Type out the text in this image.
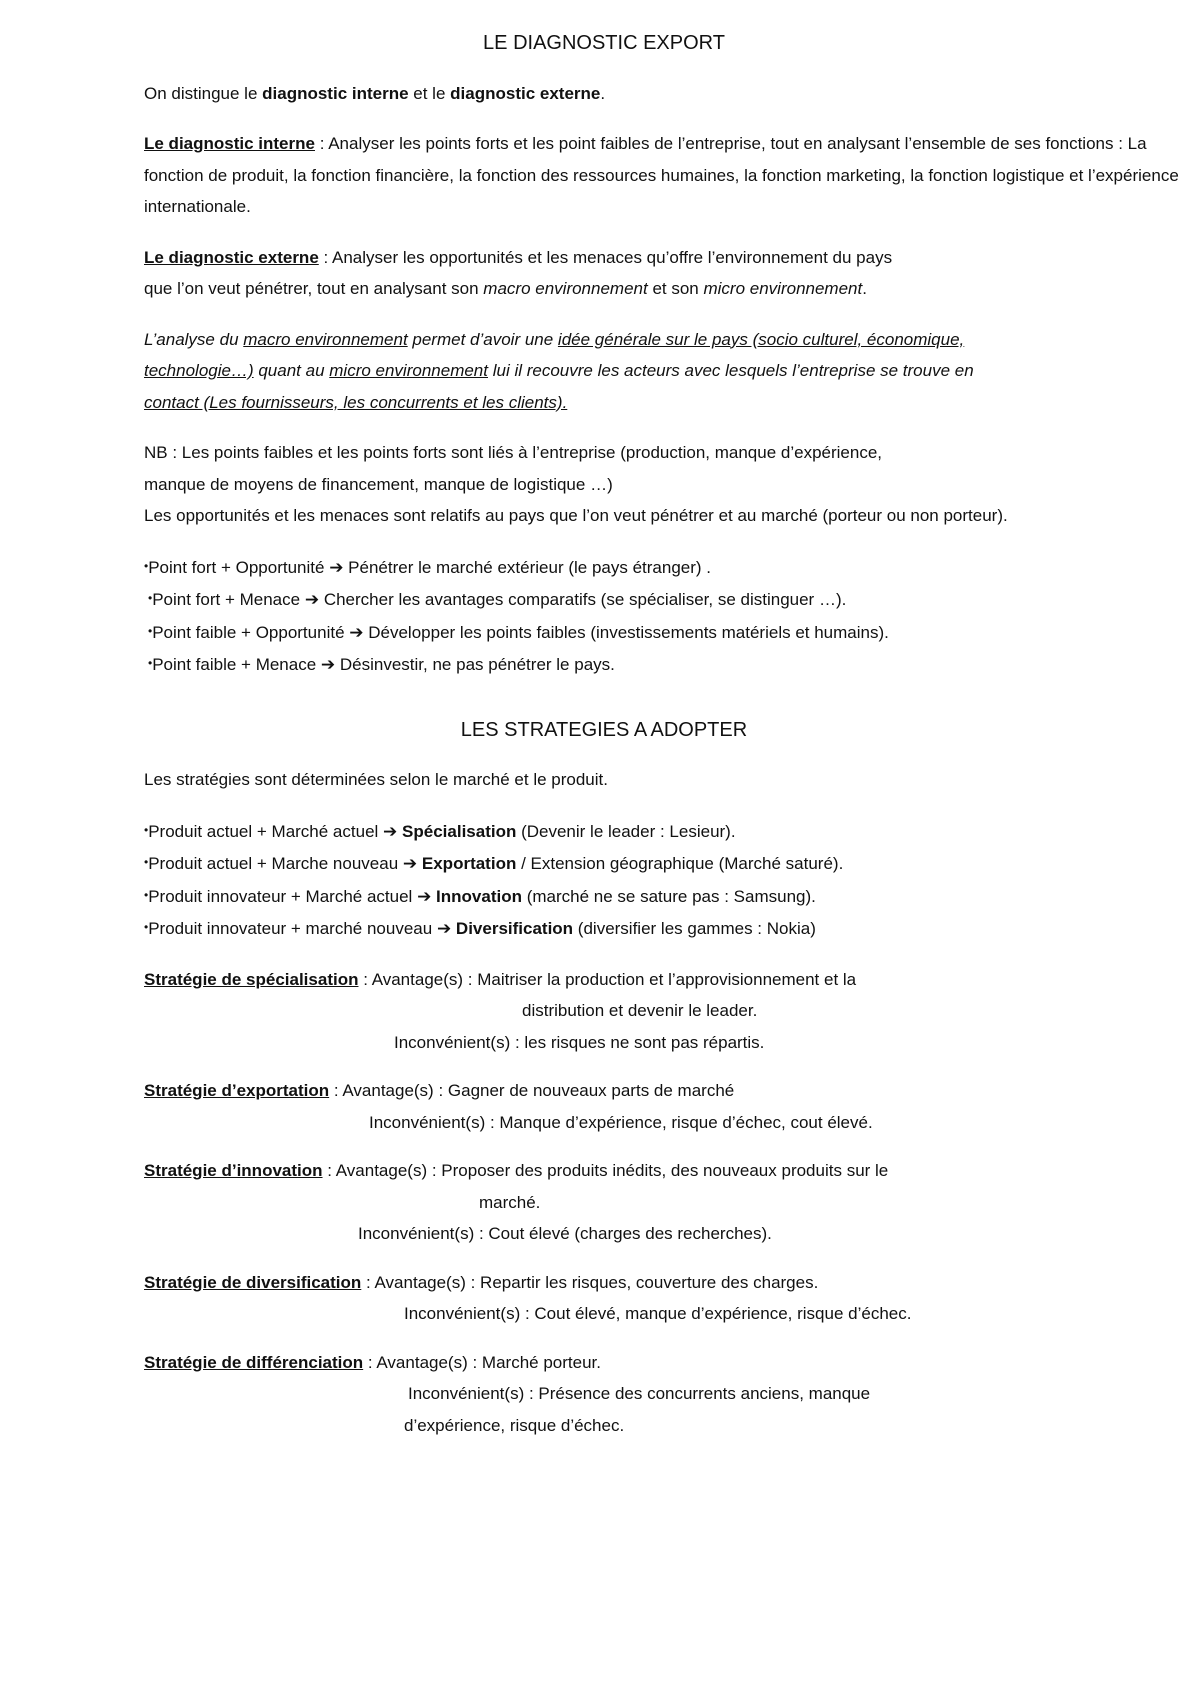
LE DIAGNOSTIC EXPORT

On distingue le diagnostic interne et le diagnostic externe.

Le diagnostic interne : Analyser les points forts et les point faibles de l’entreprise, tout en analysant l’ensemble de ses fonctions : La fonction de produit, la fonction financière, la fonction des ressources humaines, la fonction marketing, la fonction logistique et l’expérience internationale.

Le diagnostic externe : Analyser les opportunités et les menaces qu’offre l’environnement du pays
que l’on veut pénétrer, tout en analysant son macro environnement et son micro environnement.

L’analyse du macro environnement permet d’avoir une idée générale sur le pays (socio culturel, économique, technologie…) quant au micro environnement lui il recouvre les acteurs avec lesquels l’entreprise se trouve en contact (Les fournisseurs, les concurrents et les clients).

NB : Les points faibles et les points forts sont liés à l’entreprise (production, manque d’expérience,
manque de moyens de financement, manque de logistique …)
Les opportunités et les menaces sont relatifs au pays que l’on veut pénétrer et au marché (porteur ou non porteur).

•Point fort + Opportunité ➔ Pénétrer le marché extérieur (le pays étranger) .
•Point fort + Menace ➔ Chercher les avantages comparatifs (se spécialiser, se distinguer …).
•Point faible + Opportunité ➔ Développer les points faibles (investissements matériels et humains).
•Point faible + Menace ➔ Désinvestir, ne pas pénétrer le pays.

LES STRATEGIES A ADOPTER

Les stratégies sont déterminées selon le marché et le produit.

•Produit actuel + Marché actuel ➔ Spécialisation (Devenir le leader : Lesieur).
•Produit actuel + Marche nouveau ➔ Exportation / Extension géographique (Marché saturé).
•Produit innovateur + Marché actuel ➔ Innovation (marché ne se sature pas : Samsung).
•Produit innovateur + marché nouveau ➔ Diversification (diversifier les gammes : Nokia)
Stratégie de spécialisation : Avantage(s) : Maitriser la production et l’approvisionnement et la
distribution et devenir le leader.
Inconvénient(s) : les risques ne sont pas répartis.
Stratégie d’exportation : Avantage(s) : Gagner de nouveaux parts de marché
Inconvénient(s) : Manque d’expérience, risque d’échec, cout élevé.
Stratégie d’innovation : Avantage(s) : Proposer des produits inédits, des nouveaux produits sur le
marché.
Inconvénient(s) : Cout élevé (charges des recherches).
Stratégie de diversification : Avantage(s) : Repartir les risques, couverture des charges.
Inconvénient(s) : Cout élevé, manque d’expérience, risque d’échec.
Stratégie de différenciation : Avantage(s) : Marché porteur.
Inconvénient(s) : Présence des concurrents anciens, manque
d’expérience, risque d’échec.
